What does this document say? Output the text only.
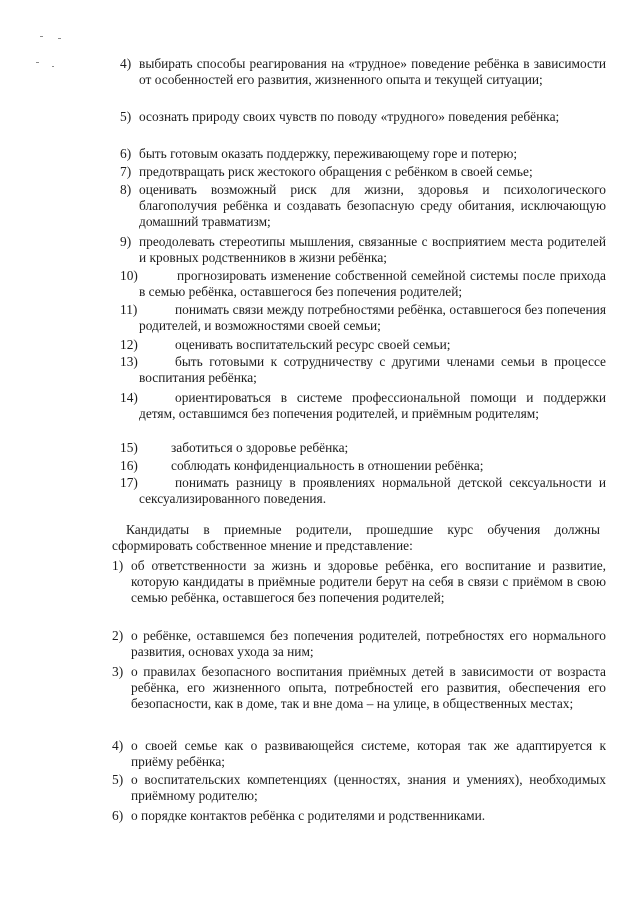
4) выбирать способы реагирования на «трудное» поведение ребёнка в зависимости от особенностей его развития, жизненного опыта и текущей ситуации;
5) осознать природу своих чувств по поводу «трудного» поведения ребёнка;
6) быть готовым оказать поддержку, переживающему горе и потерю;
7) предотвращать риск жестокого обращения с ребёнком в своей семье;
8) оценивать возможный риск для жизни, здоровья и психологического благополучия ребёнка и создавать безопасную среду обитания, исключающую домашний травматизм;
9) преодолевать стереотипы мышления, связанные с восприятием места родителей и кровных родственников в жизни ребёнка;
10)	прогнозировать изменение собственной семейной системы после прихода в семью ребёнка, оставшегося без попечения родителей;
11)	понимать связи между потребностями ребёнка, оставшегося без попечения родителей, и возможностями своей семьи;
12)	оценивать воспитательский ресурс своей семьи;
13)	быть готовыми к сотрудничеству с другими членами семьи в процессе воспитания ребёнка;
14)	ориентироваться в системе профессиональной помощи и поддержки детям, оставшимся без попечения родителей, и приёмным родителям;
15)	заботиться о здоровье ребёнка;
16)	соблюдать конфиденциальность в отношении ребёнка;
17)	понимать разницу в проявлениях нормальной детской сексуальности и сексуализированного поведения.
Кандидаты в приемные родители, прошедшие курс обучения должны сформировать собственное мнение и представление:
1) об ответственности за жизнь и здоровье ребёнка, его воспитание и развитие, которую кандидаты в приёмные родители берут на себя в связи с приёмом в свою семью ребёнка, оставшегося без попечения родителей;
2) о ребёнке, оставшемся без попечения родителей, потребностях его нормального развития, основах ухода за ним;
3) о правилах безопасного воспитания приёмных детей в зависимости от возраста ребёнка, его жизненного опыта, потребностей его развития, обеспечения его безопасности, как в доме, так и вне дома – на улице, в общественных местах;
4) о своей семье как о развивающейся системе, которая так же адаптируется к приёму ребёнка;
5) о воспитательских компетенциях (ценностях, знания и умениях), необходимых приёмному родителю;
6) о порядке контактов ребёнка с родителями и родственниками.
